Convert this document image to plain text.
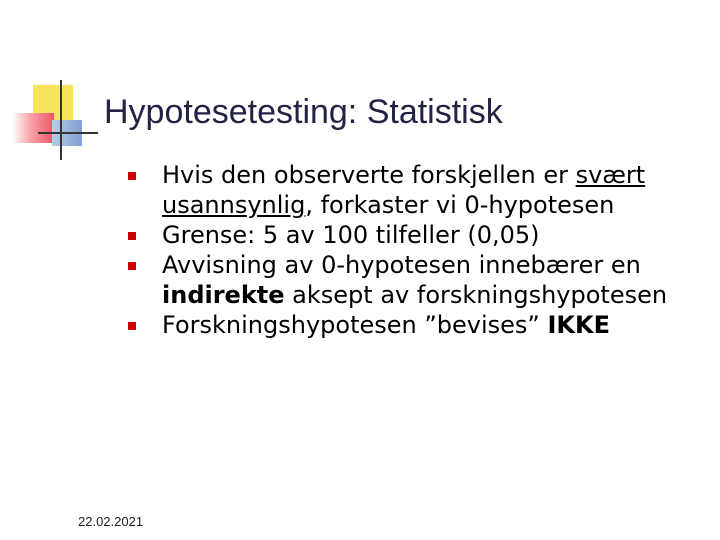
Hypotesetesting: Statistisk
Hvis den observerte forskjellen er svært usannsynlig, forkaster vi 0-hypotesen
Grense: 5 av 100 tilfeller (0,05)
Avvisning av 0-hypotesen innebærer en indirekte aksept av forskningshypotesen
Forskningshypotesen ”bevises” IKKE
22.02.2021
